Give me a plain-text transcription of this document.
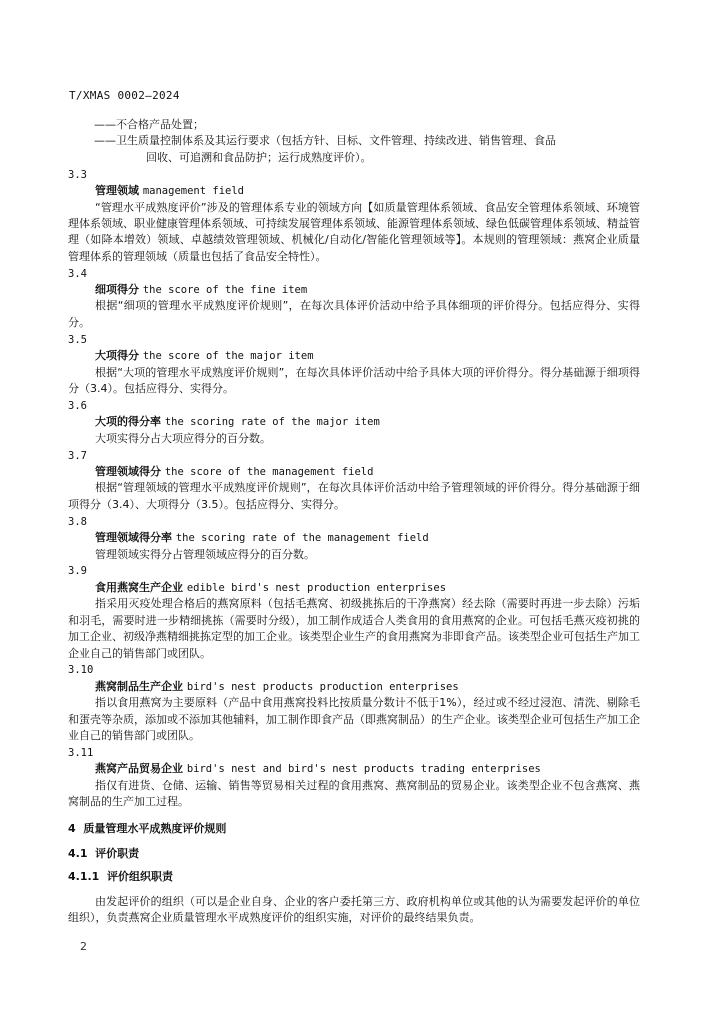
T/XMAS 0002—2024
——不合格产品处置；
——卫生质量控制体系及其运行要求（包括方针、目标、文件管理、持续改进、销售管理、食品
回收、可追溯和食品防护；运行成熟度评价）。
3.3
管理领域 management field
“管理水平成熟度评价”涉及的管理体系专业的领域方向【如质量管理体系领域、食品安全管理体系领域、环境管理体系领域、职业健康管理体系领域、可持续发展管理体系领域、能源管理体系领域、绿色低碳管理体系领域、精益管理（如降本增效）领域、卓越绩效管理领域、机械化/自动化/智能化管理领域等】。本规则的管理领域：燕窝企业质量管理体系的管理领域（质量也包括了食品安全特性）。
3.4
细项得分 the score of the fine item
根据“细项的管理水平成熟度评价规则”，在每次具体评价活动中给予具体细项的评价得分。包括应得分、实得分。
3.5
大项得分 the score of the major item
根据“大项的管理水平成熟度评价规则”，在每次具体评价活动中给予具体大项的评价得分。得分基础源于细项得分（3.4）。包括应得分、实得分。
3.6
大项的得分率 the scoring rate of the major item
大项实得分占大项应得分的百分数。
3.7
管理领域得分 the score of the management field
根据“管理领域的管理水平成熟度评价规则”，在每次具体评价活动中给予管理领域的评价得分。得分基础源于细项得分（3.4）、大项得分（3.5）。包括应得分、实得分。
3.8
管理领域得分率 the scoring rate of the management field
管理领域实得分占管理领域应得分的百分数。
3.9
食用燕窝生产企业 edible bird's nest production enterprises
指采用灭疫处理合格后的燕窝原料（包括毛燕窝、初级挑拣后的干净燕窝）经去除（需要时再进一步去除）污垢和羽毛，需要时进一步精细挑拣（需要时分级），加工制作成适合人类食用的食用燕窝的企业。可包括毛燕灭疫初挑的加工企业、初级净燕精细挑拣定型的加工企业。该类型企业生产的食用燕窝为非即食产品。该类型企业可包括生产加工企业自己的销售部门或团队。
3.10
燕窝制品生产企业 bird's nest products production enterprises
指以食用燕窝为主要原料（产品中食用燕窝投料比按质量分数计不低于1%），经过或不经过浸泡、清洗、剔除毛和蛋壳等杂质，添加或不添加其他辅料，加工制作即食产品（即燕窝制品）的生产企业。该类型企业可包括生产加工企业自己的销售部门或团队。
3.11
燕窝产品贸易企业 bird's nest and bird's nest products trading enterprises
指仅有进货、仓储、运输、销售等贸易相关过程的食用燕窝、燕窝制品的贸易企业。该类型企业不包含燕窝、燕窝制品的生产加工过程。
4 质量管理水平成熟度评价规则
4.1 评价职责
4.1.1 评价组织职责
由发起评价的组织（可以是企业自身、企业的客户委托第三方、政府机构单位或其他的认为需要发起评价的单位组织），负责燕窝企业质量管理水平成熟度评价的组织实施，对评价的最终结果负责。
2
